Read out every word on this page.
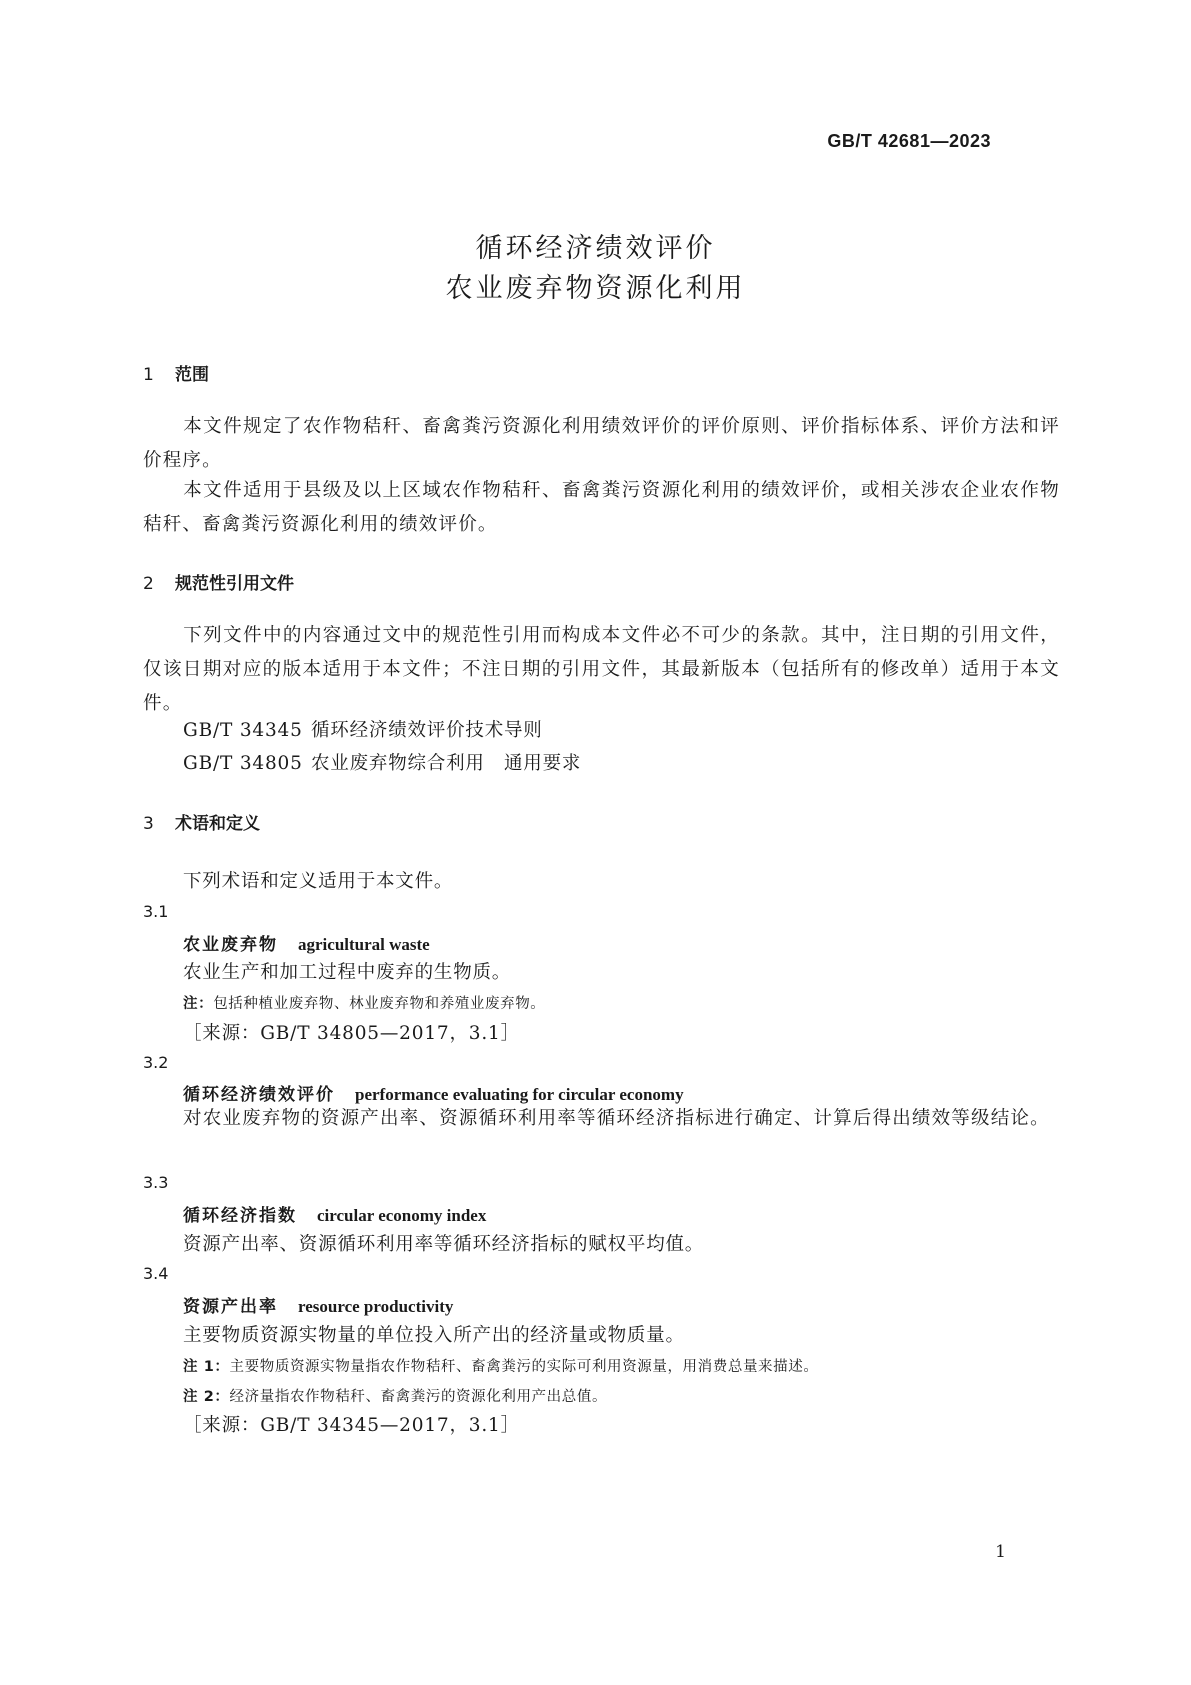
GB/T 42681—2023
循环经济绩效评价
农业废弃物资源化利用
1 范围
本文件规定了农作物秸秆、畜禽粪污资源化利用绩效评价的评价原则、评价指标体系、评价方法和评价程序。
本文件适用于县级及以上区域农作物秸秆、畜禽粪污资源化利用的绩效评价，或相关涉农企业农作物秸秆、畜禽粪污资源化利用的绩效评价。
2 规范性引用文件
下列文件中的内容通过文中的规范性引用而构成本文件必不可少的条款。其中，注日期的引用文件，仅该日期对应的版本适用于本文件；不注日期的引用文件，其最新版本（包括所有的修改单）适用于本文件。
GB/T 34345 循环经济绩效评价技术导则
GB/T 34805 农业废弃物综合利用　通用要求
3 术语和定义
下列术语和定义适用于本文件。
3.1
农业废弃物 agricultural waste
农业生产和加工过程中废弃的生物质。
注：包括种植业废弃物、林业废弃物和养殖业废弃物。
［来源：GB/T 34805—2017，3.1］
3.2
循环经济绩效评价 performance evaluating for circular economy
对农业废弃物的资源产出率、资源循环利用率等循环经济指标进行确定、计算后得出绩效等级结论。
3.3
循环经济指数 circular economy index
资源产出率、资源循环利用率等循环经济指标的赋权平均值。
3.4
资源产出率 resource productivity
主要物质资源实物量的单位投入所产出的经济量或物质量。
注 1：主要物质资源实物量指农作物秸秆、畜禽粪污的实际可利用资源量，用消费总量来描述。
注 2：经济量指农作物秸秆、畜禽粪污的资源化利用产出总值。
［来源：GB/T 34345—2017，3.1］
1
